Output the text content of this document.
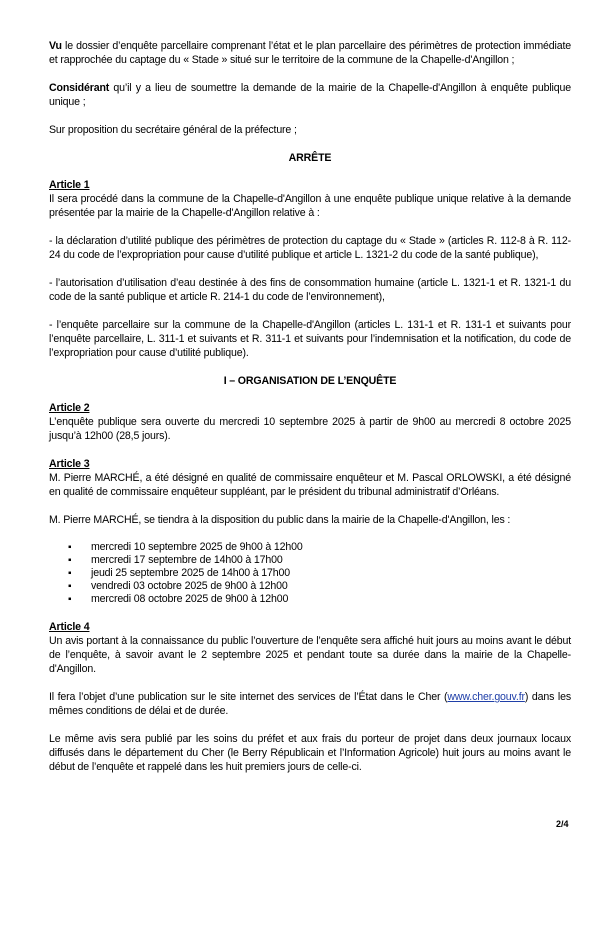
Vu le dossier d’enquête parcellaire comprenant l’état et le plan parcellaire des périmètres de protection immédiate et rapprochée du captage du « Stade » situé sur le territoire de la commune de la Chapelle-d'Angillon ;

Considérant qu’il y a lieu de soumettre la demande de la mairie de la Chapelle-d'Angillon à enquête publique unique ;

Sur proposition du secrétaire général de la préfecture ;

ARRÊTE
Article 1

Il sera procédé dans la commune de la Chapelle-d'Angillon à une enquête publique unique relative à la demande présentée par la mairie de la Chapelle-d'Angillon relative à :

- la déclaration d’utilité publique des périmètres de protection du captage du « Stade » (articles R. 112-8 à R. 112-24 du code de l’expropriation pour cause d’utilité publique et article L. 1321-2 du code de la santé publique),

- l’autorisation d’utilisation d’eau destinée à des fins de consommation humaine (article L. 1321-1 et R. 1321-1 du code de la santé publique et article R. 214-1 du code de l’environnement),

- l’enquête parcellaire sur la commune de la Chapelle-d'Angillon (articles L. 131-1 et R. 131-1 et suivants pour l’enquête parcellaire, L. 311-1 et suivants et R. 311-1 et suivants pour l’indemnisation et la notification, du code de l’expropriation pour cause d’utilité publique).

I – ORGANISATION DE L’ENQUÊTE
Article 2

L’enquête publique sera ouverte du mercredi 10 septembre 2025 à partir de 9h00 au mercredi 8 octobre 2025 jusqu’à 12h00 (28,5 jours).

Article 3

M. Pierre MARCHÉ, a été désigné en qualité de commissaire enquêteur et M. Pascal ORLOWSKI, a été désigné en qualité de commissaire enquêteur suppléant, par le président du tribunal administratif d’Orléans.

M. Pierre MARCHÉ, se tiendra à la disposition du public dans la mairie de la Chapelle-d'Angillon, les :

▪ mercredi 10 septembre 2025 de 9h00 à 12h00
▪ mercredi 17 septembre de 14h00 à 17h00
▪ jeudi 25 septembre 2025 de 14h00 à 17h00
▪ vendredi 03 octobre 2025 de 9h00 à 12h00
▪ mercredi 08 octobre 2025 de 9h00 à 12h00
Article 4

Un avis portant à la connaissance du public l’ouverture de l’enquête sera affiché huit jours au moins avant le début de l’enquête, à savoir avant le 2 septembre 2025 et pendant toute sa durée dans la mairie de la Chapelle-d'Angillon.

Il fera l’objet d’une publication sur le site internet des services de l’État dans le Cher (www.cher.gouv.fr) dans les mêmes conditions de délai et de durée.

Le même avis sera publié par les soins du préfet et aux frais du porteur de projet dans deux journaux locaux diffusés dans le département du Cher (le Berry Républicain et l’Information Agricole) huit jours au moins avant le début de l’enquête et rappelé dans les huit premiers jours de celle-ci.

2/4
